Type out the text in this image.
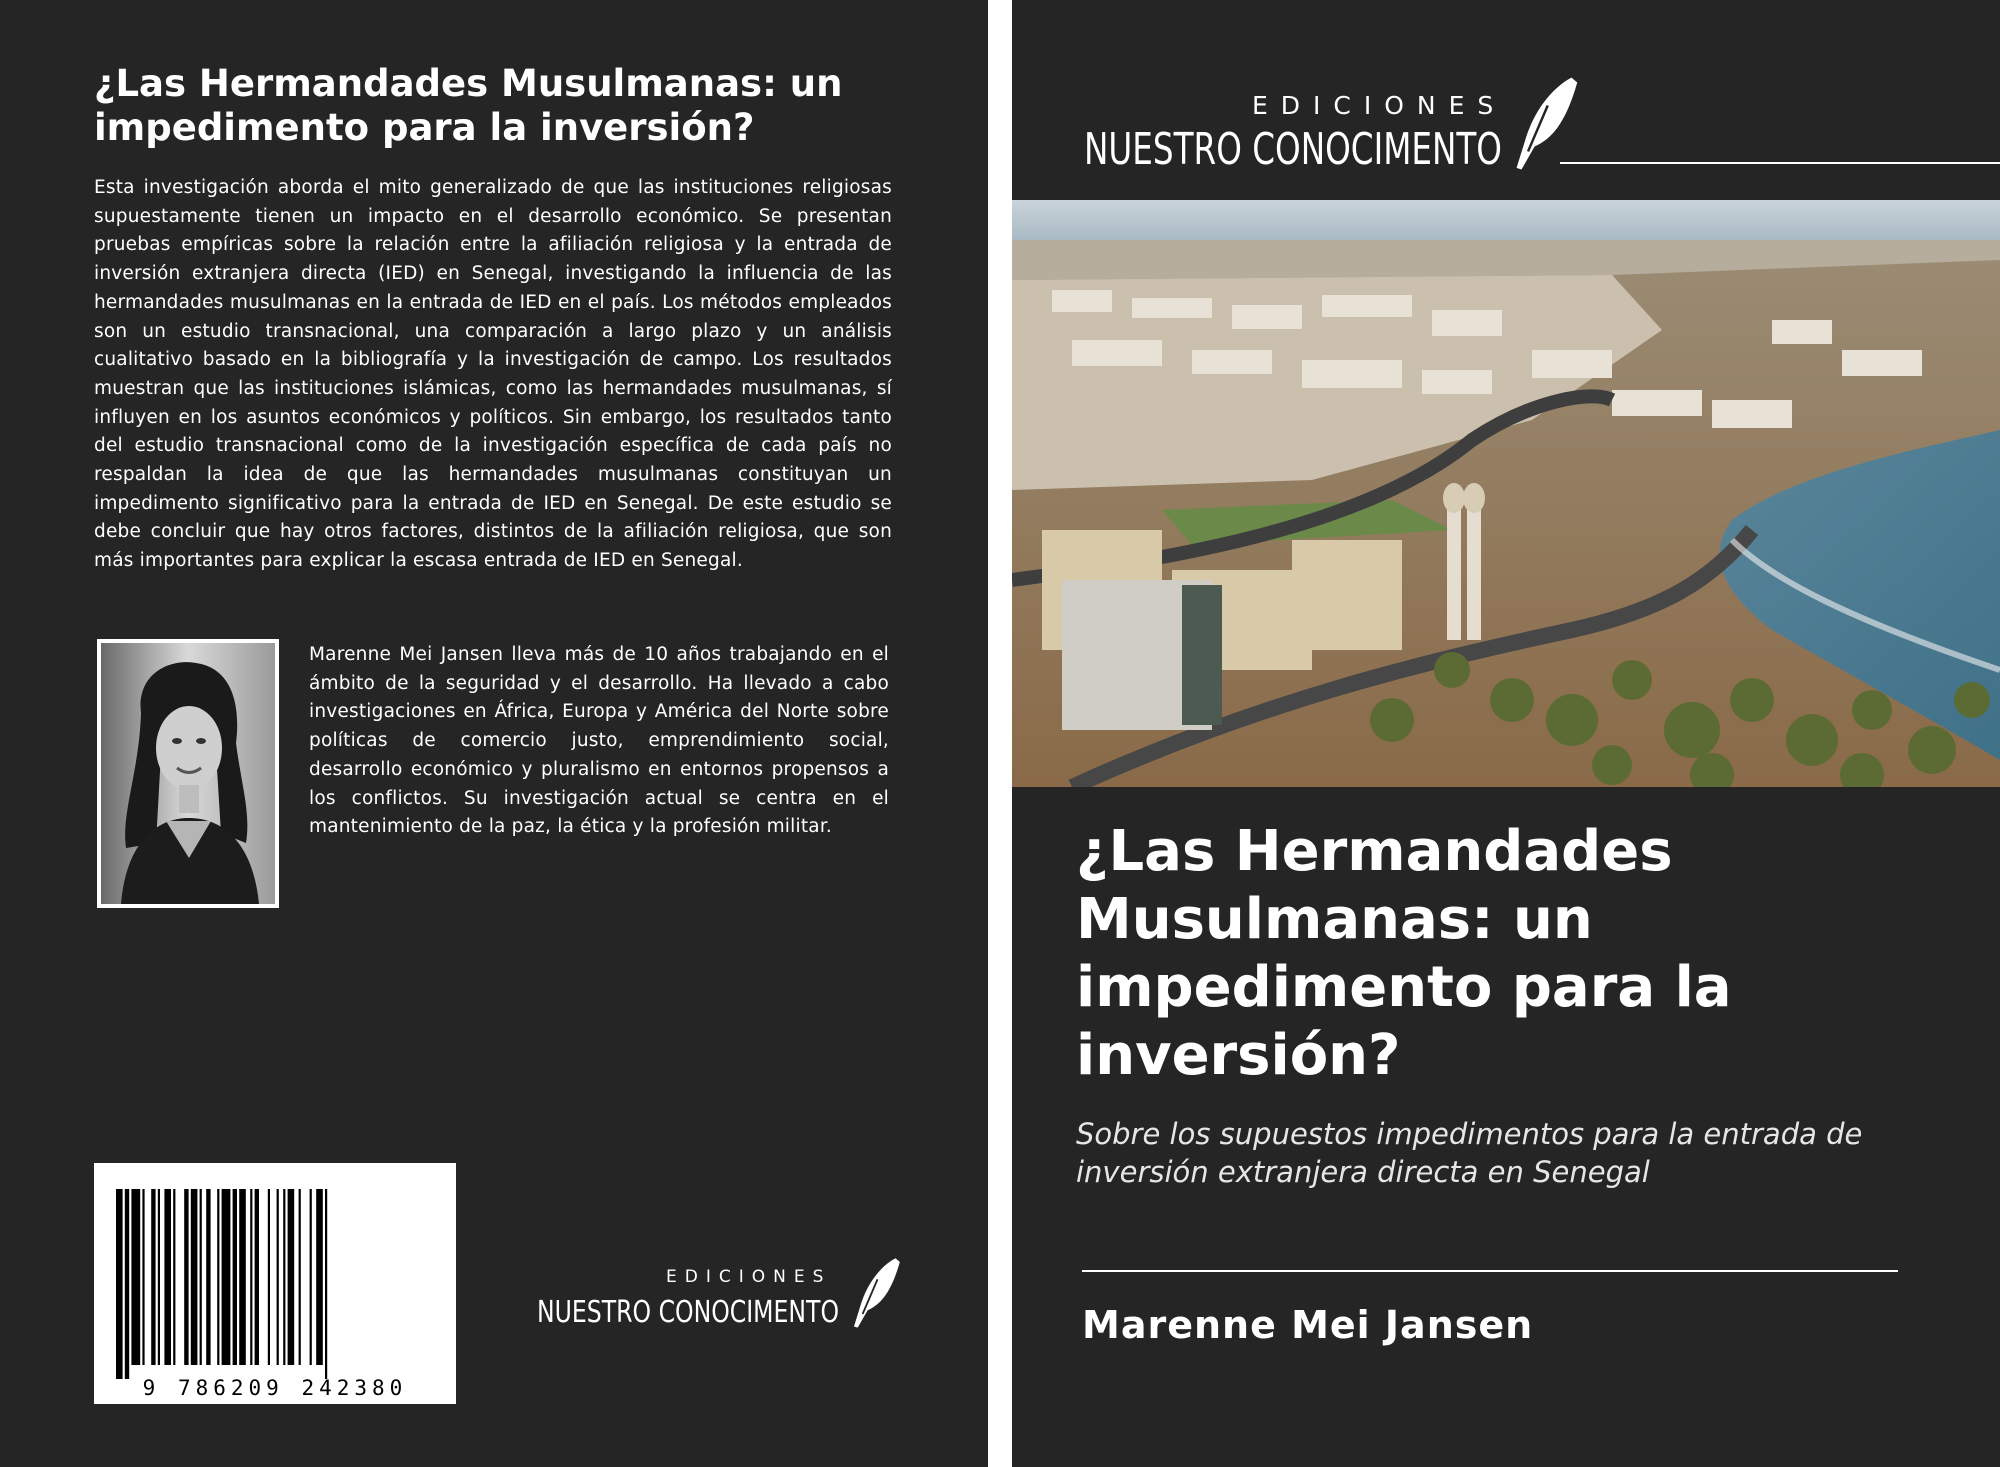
¿Las Hermandades Musulmanas: un impedimento para la inversión?

Esta investigación aborda el mito generalizado de que las instituciones religiosas supuestamente tienen un impacto en el desarrollo económico. Se presentan pruebas empíricas sobre la relación entre la afiliación religiosa y la entrada de inversión extranjera directa (IED) en Senegal, investigando la influencia de las hermandades musulmanas en la entrada de IED en el país. Los métodos empleados son un estudio transnacional, una comparación a largo plazo y un análisis cualitativo basado en la bibliografía y la investigación de campo. Los resultados muestran que las instituciones islámicas, como las hermandades musulmanas, sí influyen en los asuntos económicos y políticos. Sin embargo, los resultados tanto del estudio transnacional como de la investigación específica de cada país no respaldan la idea de que las hermandades musulmanas constituyan un impedimento significativo para la entrada de IED en Senegal. De este estudio se debe concluir que hay otros factores, distintos de la afiliación religiosa, que son más importantes para explicar la escasa entrada de IED en Senegal.

Marenne Mei Jansen lleva más de 10 años trabajando en el ámbito de la seguridad y el desarrollo. Ha llevado a cabo investigaciones en África, Europa y América del Norte sobre políticas de comercio justo, emprendimiento social, desarrollo económico y pluralismo en entornos propensos a los conflictos. Su investigación actual se centra en el mantenimiento de la paz, la ética y la profesión militar.

9 786209 242380
EDICIONES
NUESTRO CONOCIMENTO
EDICIONES
NUESTRO CONOCIMENTO
¿Las Hermandades Musulmanas: un impedimento para la inversión?

Sobre los supuestos impedimentos para la entrada de inversión extranjera directa en Senegal

Marenne Mei Jansen
